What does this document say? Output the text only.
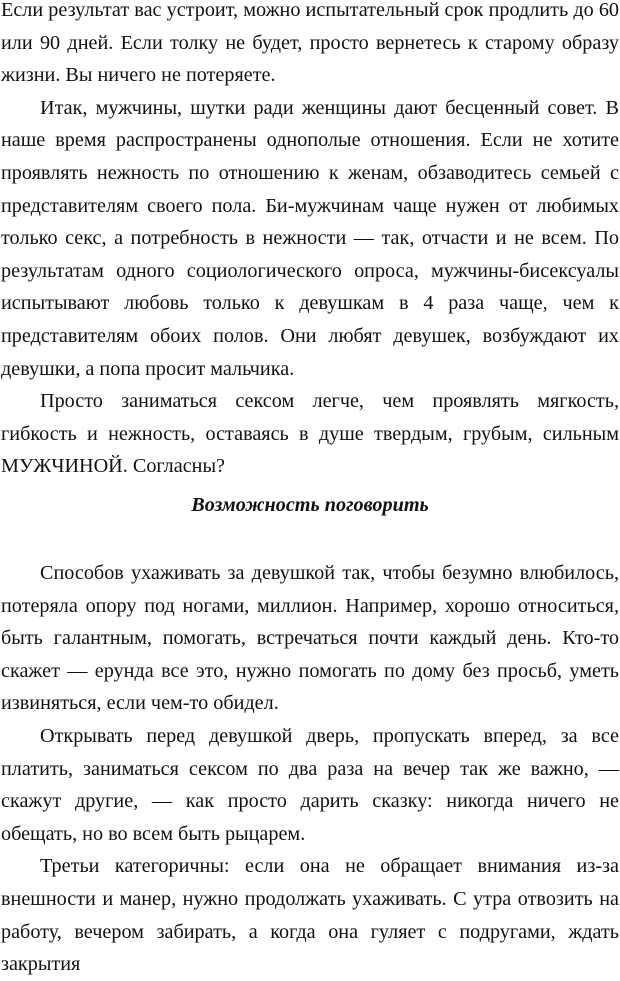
Если результат вас устроит, можно испытательный срок продлить до 60 или 90 дней. Если толку не будет, просто вернетесь к старому образу жизни. Вы ничего не потеряете.

Итак, мужчины, шутки ради женщины дают бесценный совет. В наше время распространены однополые отношения. Если не хотите проявлять нежность по отношению к женам, обзаводитесь семьей с представителям своего пола. Би-мужчинам чаще нужен от любимых только секс, а потребность в нежности — так, отчасти и не всем. По результатам одного социологического опроса, мужчины-бисексуалы испытывают любовь только к девушкам в 4 раза чаще, чем к представителям обоих полов. Они любят девушек, возбуждают их девушки, а попа просит мальчика.

Просто заниматься сексом легче, чем проявлять мягкость, гибкость и нежность, оставаясь в душе твердым, грубым, сильным МУЖЧИНОЙ. Согласны?

Возможность поговорить

Способов ухаживать за девушкой так, чтобы безумно влюбилось, потеряла опору под ногами, миллион. Например, хорошо относиться, быть галантным, помогать, встречаться почти каждый день. Кто-то скажет — ерунда все это, нужно помогать по дому без просьб, уметь извиняться, если чем-то обидел.

Открывать перед девушкой дверь, пропускать вперед, за все платить, заниматься сексом по два раза на вечер так же важно, — скажут другие, — как просто дарить сказку: никогда ничего не обещать, но во всем быть рыцарем.

Третьи категоричны: если она не обращает внимания из-за внешности и манер, нужно продолжать ухаживать. С утра отвозить на работу, вечером забирать, а когда она гуляет с подругами, ждать закрытия
